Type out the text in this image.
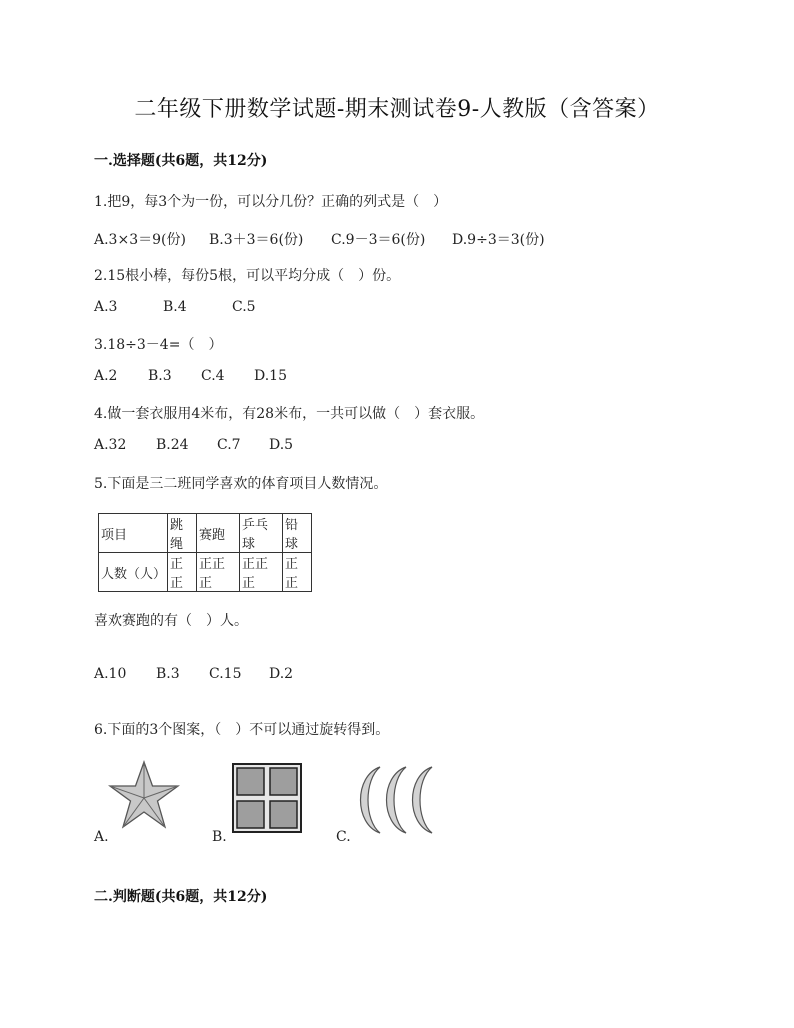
二年级下册数学试题-期末测试卷9-人教版（含答案）
一.选择题(共6题，共12分)
1.把9，每3个为一份，可以分几份？正确的列式是（　）
A.3×3＝9(份) B.3＋3＝6(份) C.9－3＝6(份) D.9÷3＝3(份)
2.15根小棒，每份5根，可以平均分成（　）份。
A.3	B.4	C.5
3.18÷3－4=（　）
A.2 B.3 C.4 D.15
4.做一套衣服用4米布，有28米布，一共可以做（　）套衣服。
A.32 B.24 C.7 D.5
5.下面是三二班同学喜欢的体育项目人数情况。
项目	跳绳	赛跑	乒乓球	铅球
人数（人）	正正	正正正	正正正	正正
喜欢赛跑的有（　）人。
A.10 B.3 C.15 D.2
6.下面的3个图案，（　）不可以通过旋转得到。
A.	B.	C.
二.判断题(共6题，共12分)
